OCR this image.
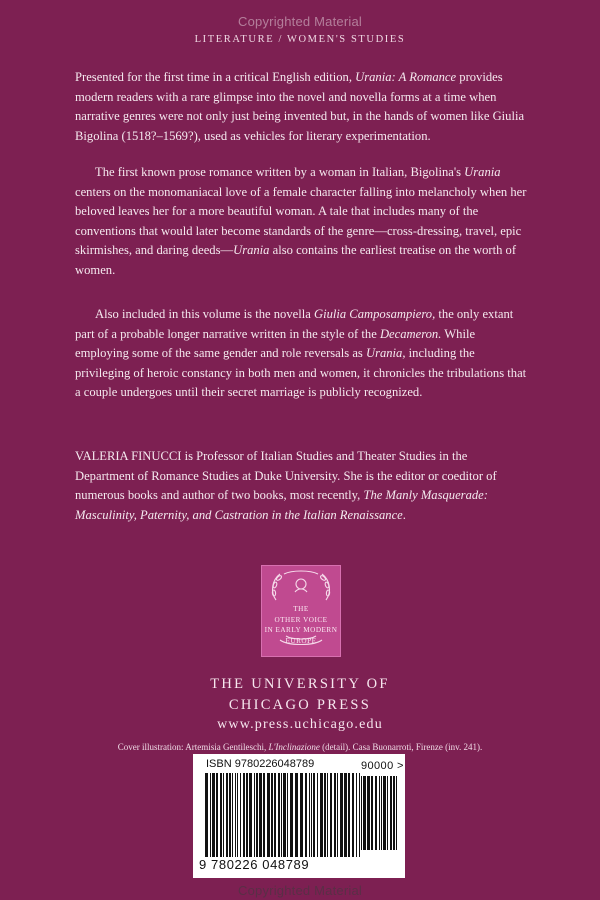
Copyrighted Material
LITERATURE / WOMEN'S STUDIES

Presented for the first time in a critical English edition, Urania: A Romance provides modern readers with a rare glimpse into the novel and novella forms at a time when narrative genres were not only just being invented but, in the hands of women like Giulia Bigolina (1518?–1569?), used as vehicles for literary experimentation.

The first known prose romance written by a woman in Italian, Bigolina's Urania centers on the monomaniacal love of a female character falling into melancholy when her beloved leaves her for a more beautiful woman. A tale that includes many of the conventions that would later become standards of the genre—cross-dressing, travel, epic skirmishes, and daring deeds—Urania also contains the earliest treatise on the worth of women.

Also included in this volume is the novella Giulia Camposampiero, the only extant part of a probable longer narrative written in the style of the Decameron. While employing some of the same gender and role reversals as Urania, including the privileging of heroic constancy in both men and women, it chronicles the tribulations that a couple undergoes until their secret marriage is publicly recognized.

VALERIA FINUCCI is Professor of Italian Studies and Theater Studies in the Department of Romance Studies at Duke University. She is the editor or coeditor of numerous books and author of two books, most recently, The Manly Masquerade: Masculinity, Paternity, and Castration in the Italian Renaissance.

THE
OTHER VOICE
IN EARLY MODERN EUROPE
THE UNIVERSITY OF
CHICAGO PRESS
www.press.uchicago.edu
Cover illustration: Artemisia Gentileschi, L'Inclinazione (detail). Casa Buonarroti, Firenze (inv. 241).
ISBN 9780226048789	90000 >
9 780226 048789
Copyrighted Material
